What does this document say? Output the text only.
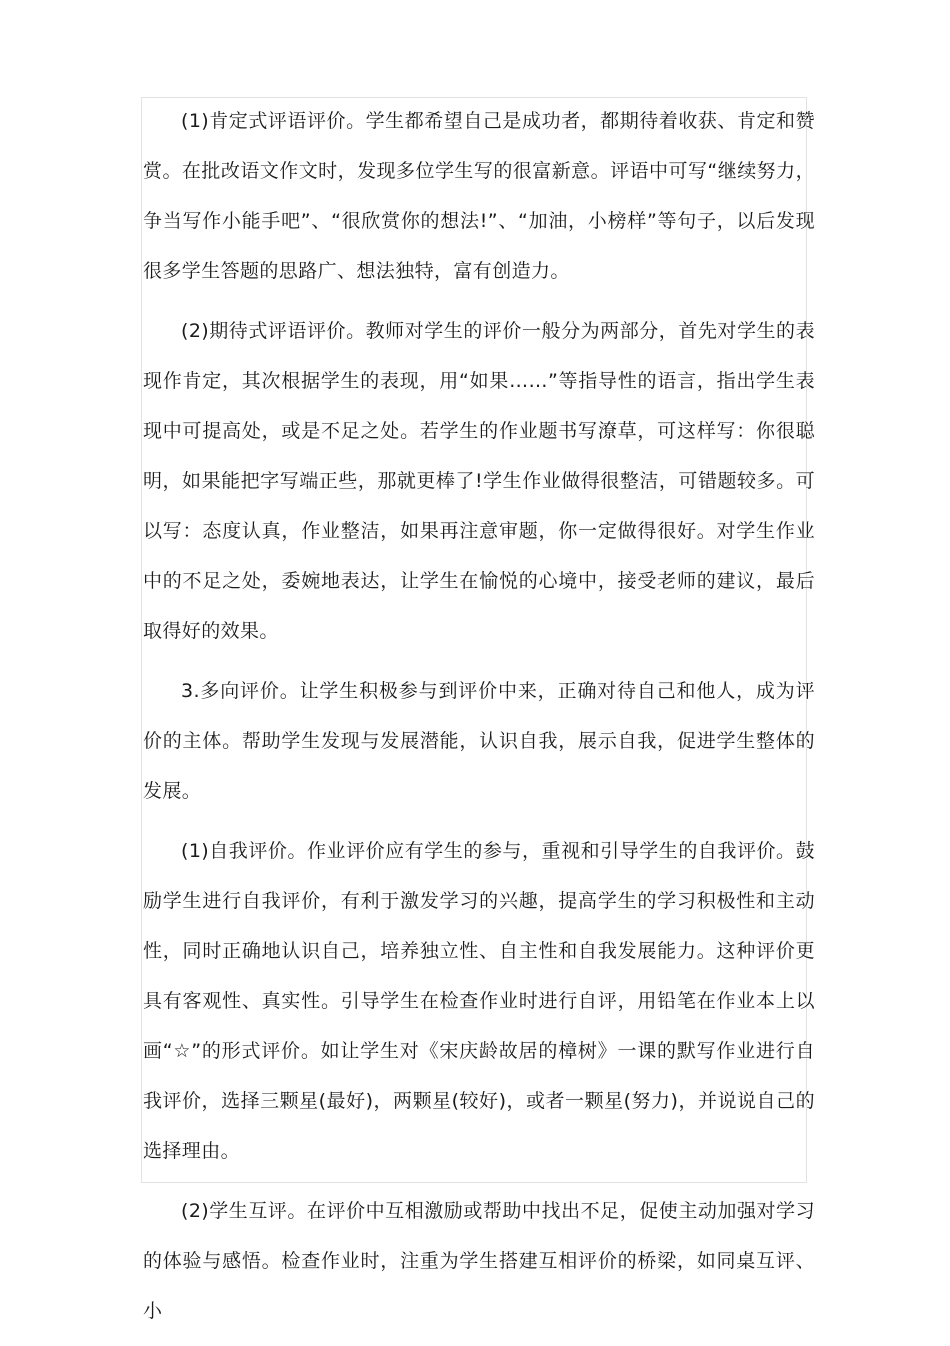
(1)肯定式评语评价。学生都希望自己是成功者，都期待着收获、肯定和赞赏。在批改语文作文时，发现多位学生写的很富新意。评语中可写“继续努力，争当写作小能手吧”、“很欣赏你的想法!”、“加油，小榜样”等句子，以后发现很多学生答题的思路广、想法独特，富有创造力。

(2)期待式评语评价。教师对学生的评价一般分为两部分，首先对学生的表现作肯定，其次根据学生的表现，用“如果……”等指导性的语言，指出学生表现中可提高处，或是不足之处。若学生的作业题书写潦草，可这样写：你很聪明，如果能把字写端正些，那就更棒了!学生作业做得很整洁，可错题较多。可以写：态度认真，作业整洁，如果再注意审题，你一定做得很好。对学生作业中的不足之处，委婉地表达，让学生在愉悦的心境中，接受老师的建议，最后取得好的效果。

3.多向评价。让学生积极参与到评价中来，正确对待自己和他人，成为评价的主体。帮助学生发现与发展潜能，认识自我，展示自我，促进学生整体的发展。

(1)自我评价。作业评价应有学生的参与，重视和引导学生的自我评价。鼓励学生进行自我评价，有利于激发学习的兴趣，提高学生的学习积极性和主动性，同时正确地认识自己，培养独立性、自主性和自我发展能力。这种评价更具有客观性、真实性。引导学生在检查作业时进行自评，用铅笔在作业本上以画“☆”的形式评价。如让学生对《宋庆龄故居的樟树》一课的默写作业进行自我评价，选择三颗星(最好)，两颗星(较好)，或者一颗星(努力)，并说说自己的选择理由。

(2)学生互评。在评价中互相激励或帮助中找出不足，促使主动加强对学习的体验与感悟。检查作业时，注重为学生搭建互相评价的桥梁，如同桌互评、小
